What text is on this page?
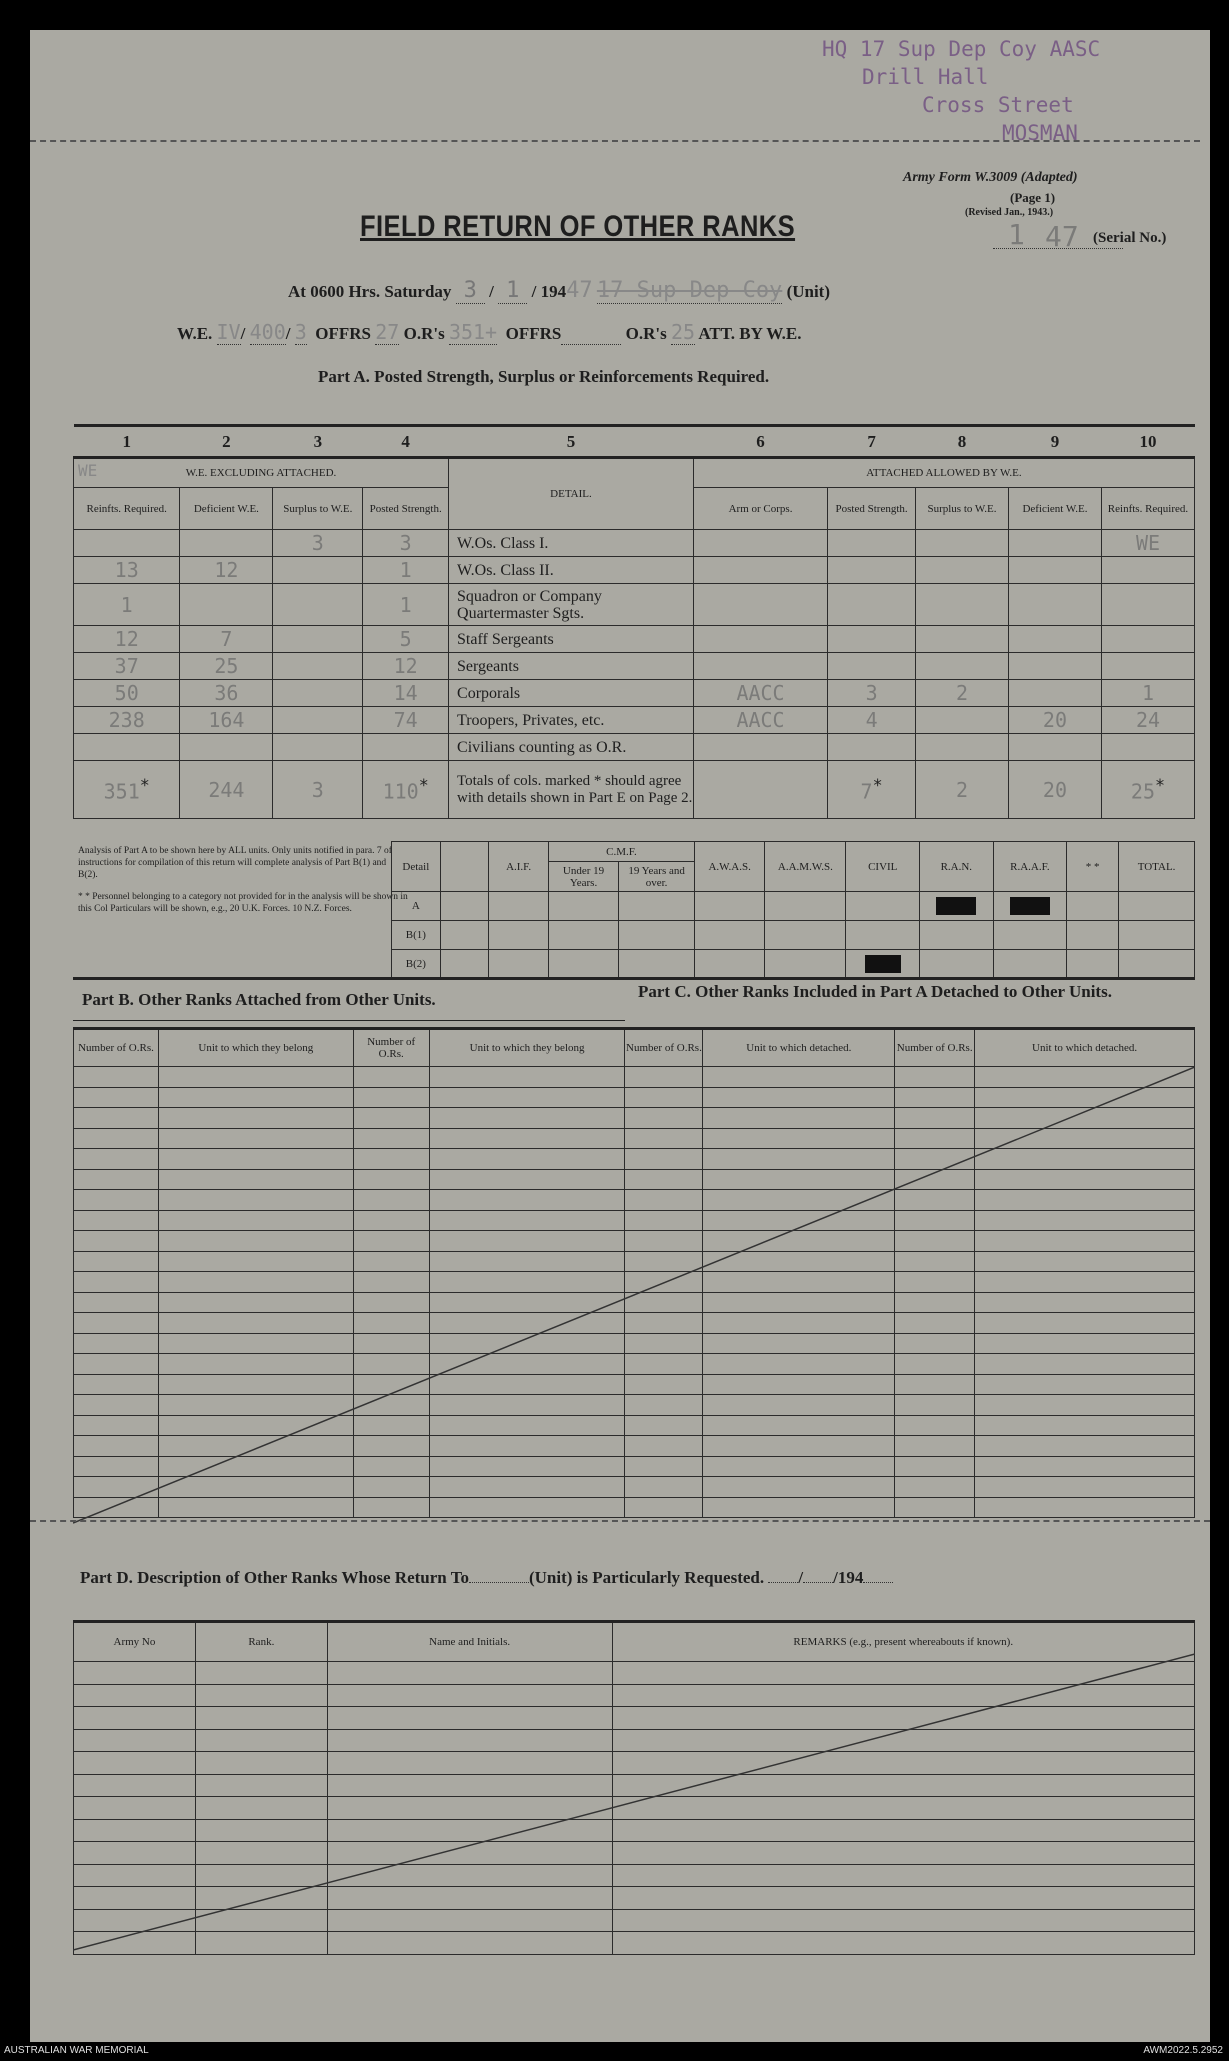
HQ 17 Sup Dep Coy AASC
Drill Hall
Cross Street
MOSMAN
Army Form W.3009 (Adapted)
(Page 1)
(Revised Jan., 1943.)
1 47 (Serial No.)
FIELD RETURN OF OTHER RANKS
At 0600 Hrs. Saturday 3 / 1 / 19447 17 Sup Dep Coy (Unit)
W.E. IV/ 400/ 3 OFFRS 27 O.R's 351+ OFFRS	O.R's 25 ATT. BY W.E.
Part A. Posted Strength, Surplus or Reinforcements Required.
1	2	3	4	5	6	7	8	9	10

WE W.E. EXCLUDING ATTACHED.				DETAIL.	ATTACHED ALLOWED BY W.E.				
Reinfts. Required.	Deficient W.E.	Surplus to W.E.	Posted Strength.		Arm or Corps.	Posted Strength.	Surplus to W.E.	Deficient W.E.	Reinfts. Required.
		3	3	W.Os. Class I.					WE
13	12		1	W.Os. Class II.					
1			1	Squadron or Company Quartermaster Sgts.					
12	7		5	Staff Sergeants					
37	25		12	Sergeants					
50	36		14	Corporals	AACC	3	2		1
238	164		74	Troopers, Privates, etc.	AACC	4		20	24
				Civilians counting as O.R.					
351*	244	3	110*	Totals of cols. marked * should agree with details shown in Part E on Page 2.		7*	2	20	25*
Analysis of Part A to be shown here by ALL units. Only units notified in para. 7 of instructions for compilation of this return will complete analysis of Part B(1) and B(2).
* * Personnel belonging to a category not provided for in the analysis will be shown in this Col Particulars will be shown, e.g., 20 U.K. Forces. 10 N.Z. Forces.
Detail		A.I.F.	C.M.F.		A.W.A.S.	A.A.M.W.S.	CIVIL	R.A.N.	R.A.A.F.	* *	TOTAL.
			Under 19 Years.	19 Years and over.							
A								

B(1)											
B(2)							

Part B. Other Ranks Attached from Other Units.	Part C. Other Ranks Included in Part A Detached to Other Units.
Number of O.Rs.	Unit to which they belong	Number of O.Rs.	Unit to which they belong	Number of O.Rs.	Unit to which detached.	Number of O.Rs.	Unit to which detached.

Part D. Description of Other Ranks Whose Return To	(Unit) is Particularly Requested. / /194
Army No	Rank.	Name and Initials.	REMARKS (e.g., present whereabouts if known).

AUSTRALIAN WAR MEMORIAL	AWM2022.5.2952
